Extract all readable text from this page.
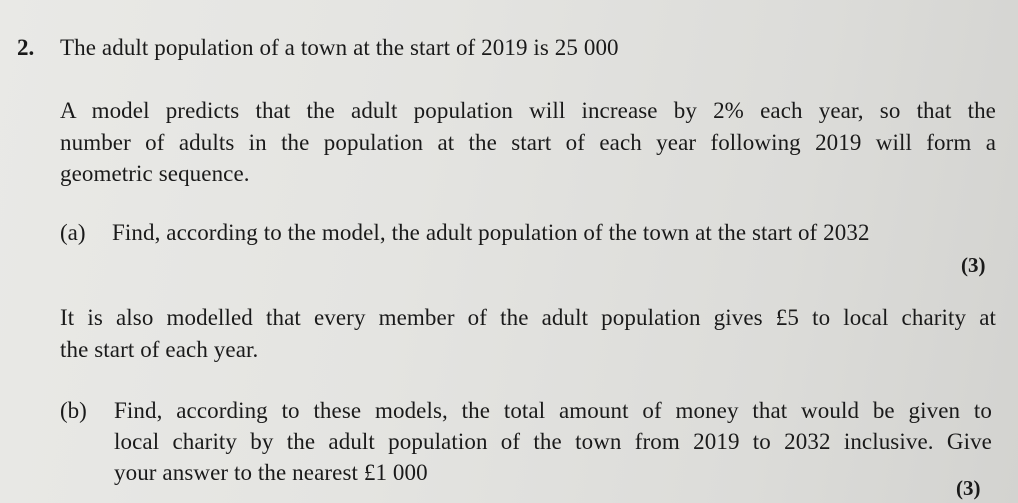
2. The adult population of a town at the start of 2019 is 25 000
A model predicts that the adult population will increase by 2% each year, so that the
number of adults in the population at the start of each year following 2019 will form a
geometric sequence.
(a) Find, according to the model, the adult population of the town at the start of 2032
(3)
It is also modelled that every member of the adult population gives £5 to local charity at
the start of each year.
(b) Find, according to these models, the total amount of money that would be given to
local charity by the adult population of the town from 2019 to 2032 inclusive. Give
your answer to the nearest £1 000
(3)
